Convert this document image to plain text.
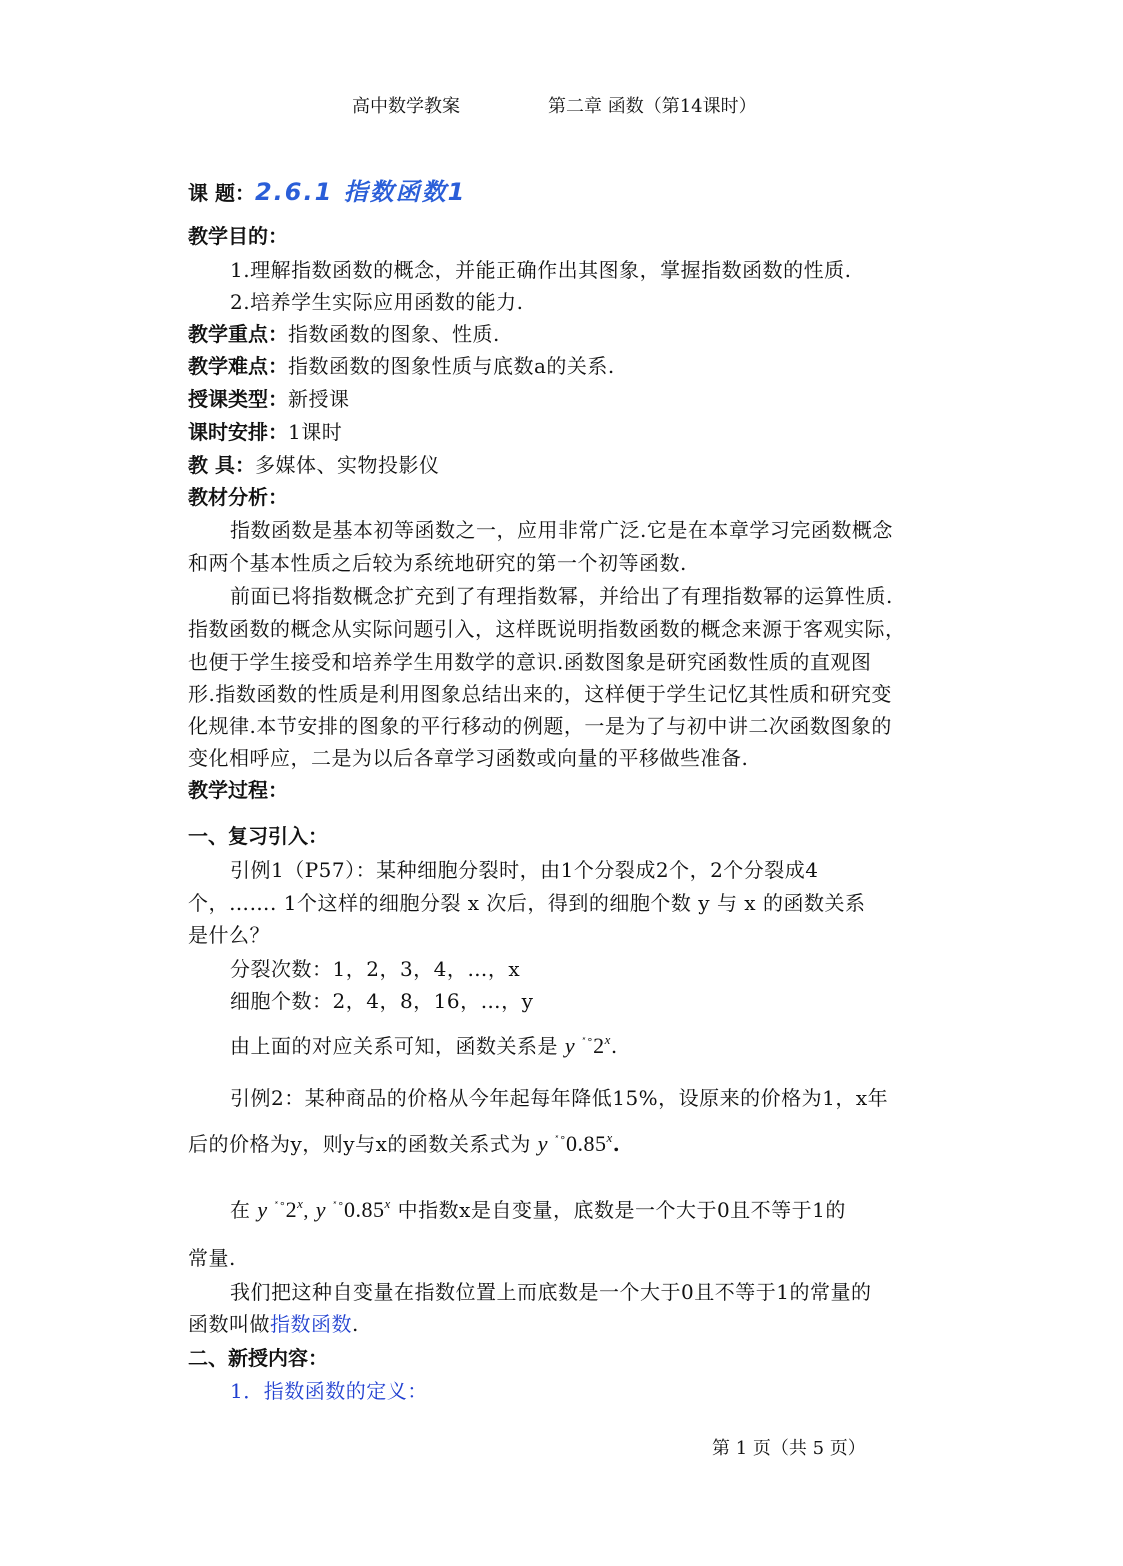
高中数学教案	第二章 函数（第14课时）
课 题：2.6.1 指数函数1
教学目的：
1.理解指数函数的概念，并能正确作出其图象，掌握指数函数的性质.
2.培养学生实际应用函数的能力.
教学重点：指数函数的图象、性质.
教学难点：指数函数的图象性质与底数a的关系.
授课类型：新授课
课时安排：1课时
教 具：多媒体、实物投影仪
教材分析：
指数函数是基本初等函数之一，应用非常广泛.它是在本章学习完函数概念
和两个基本性质之后较为系统地研究的第一个初等函数.
前面已将指数概念扩充到了有理指数幂，并给出了有理指数幂的运算性质.
指数函数的概念从实际问题引入，这样既说明指数函数的概念来源于客观实际，
也便于学生接受和培养学生用数学的意识.函数图象是研究函数性质的直观图
形.指数函数的性质是利用图象总结出来的，这样便于学生记忆其性质和研究变
化规律.本节安排的图象的平行移动的例题，一是为了与初中讲二次函数图象的
变化相呼应，二是为以后各章学习函数或向量的平移做些准备.
教学过程：
一、复习引入：
引例1（P57）：某种细胞分裂时，由1个分裂成2个，2个分裂成4
个，……. 1个这样的细胞分裂 x 次后，得到的细胞个数 y 与 x 的函数关系
是什么？
分裂次数：1，2，3，4，…，x
细胞个数：2，4，8，16，…，y
由上面的对应关系可知，函数关系是 y ˟°2$^x$.
引例2：某种商品的价格从今年起每年降低15%，设原来的价格为1，x年
后的价格为y，则y与x的函数关系式为 y ˟°0.85$^x$.
在 y ˟°2$^x$, y ˟°0.85$^x$ 中指数x是自变量，底数是一个大于0且不等于1的
常量.
我们把这种自变量在指数位置上而底数是一个大于0且不等于1的常量的
函数叫做指数函数.
二、新授内容：
1．指数函数的定义：
第 1 页（共 5 页）
